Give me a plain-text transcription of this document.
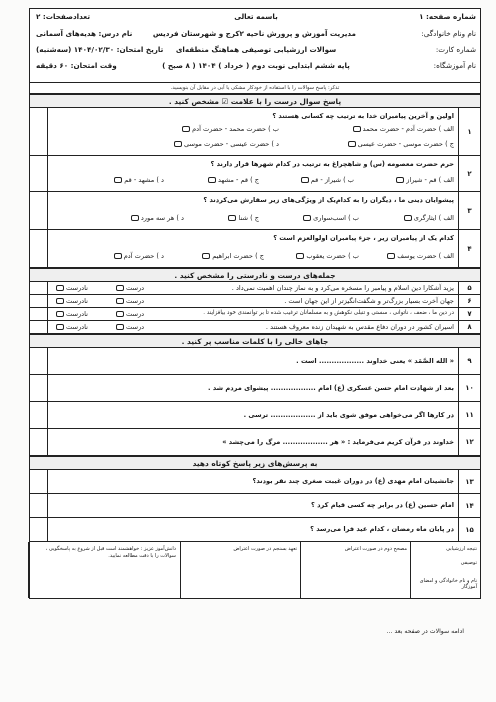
شماره صفحه: ۱
باسمه تعالی
تعدادصفحات: ۲
نام ونام خانوادگی:
شماره کارت:
نام آموزشگاه:
مدیریت آموزش و پرورش ناحیه ۲کرج و شهرستان فردیس
سوالات ارزشیابی توصیفی هماهنگ منطقه‌ای
پایه ششم ابتدایی نوبت دوم ( خرداد ) ۱۴۰۴ ( ۸ صبح )
نام درس: هدیه‌های آسمانی
تاریخ امتحان: ۱۴۰۴/۰۲/۳۰ (سه‌شنبه)
وقت امتحان: ۶۰ دقیقه
تذکر: پاسخ سوالات را با استفاده از خودکار مشکی یا آبی در مقابل آن بنویسید.
پاسخ سوال درست را با علامت ☑ مشخص کنید .
۱
اولین و آخرین پیامبران خدا به ترتیب چه کسانی هستند ؟
الف ) حضرت آدم - حضرت محمد
ب ) حضرت محمد - حضرت آدم
ج ) حضرت موسی - حضرت عیسی
د ) حضرت عیسی - حضرت موسی
۲
حرم حضرت معصومه (س) و شاهچراغ به ترتیب در کدام شهرها قرار دارند ؟
الف ) قم - شیراز
ب ) شیراز - قم
ج ) قم - مشهد
د ) مشهد - قم
۳
پیشوایان دینی ما ، دیگران را به کدام‌یک از ویژگی‌های زیر سفارش می‌کردند ؟
الف ) ایثارگری
ب ) اسب‌سواری
ج ) شنا
د ) هر سه مورد
۴
کدام یک از پیامبران زیر ، جزء پیامبران اولوالعزم است ؟
الف ) حضرت یوسف
ب ) حضرت یعقوب
ج ) حضرت ابراهیم
د ) حضرت آدم
جمله‌های درست و نادرستی را مشخص کنید .
۵
یزید آشکارا دین اسلام و پیامبر را مسخره می‌کرد و به نماز چندان اهمیت نمی‌داد .
درست
نادرست
۶
جهان آخرت بسیار بزرگ‌تر و شگفت‌انگیزتر از این جهان است .
درست
نادرست
۷
در دین ما ، ضعف ، ناتوانی ، سستی و تنبلی نکوهش و به مسلمانان ترغیب شده تا بر توانمندی خود بیافزایند .
درست
نادرست
۸
اسیران کشور در دوران دفاع مقدس به شهیدان زنده معروف هستند .
درست
نادرست
جاهای خالی را با کلمات مناسب پر کنید .
۹
« الله الصَّمَد » یعنی خداوند .................. است .
۱۰
بعد از شهادت امام حسن عسکری (ع) امام .................. پیشوای مردم شد .
۱۱
در کارها اگر می‌خواهی موفق شوی باید از .................. ترسی .
۱۲
خداوند در قرآن کریم می‌فرماید : « هر .................. مرگ را می‌چشد »
به پرسش‌های زیر پاسخ کوتاه دهید
۱۳
جانشینان امام مهدی (ع) در دوران غیبت صغری چند نفر بودند؟
۱۴
امام حسین (ع) در برابر چه کسی قیام کرد ؟
۱۵
در پایان ماه رمضان ، کدام عید فرا می‌رسد ؟
نتیجه ارزشیابی
توصیفی
نام و نام خانوادگی و امضای آموزگار
مصحح دوم در صورت اعتراض
تعهد بسنجم در صورت اعتراض
دانش‌آموز عزیز : خواهشمند است قبل از شروع به پاسخگویی ، سوالات را با دقت مطالعه نمایید.
ادامه سوالات در صفحه بعد ...
